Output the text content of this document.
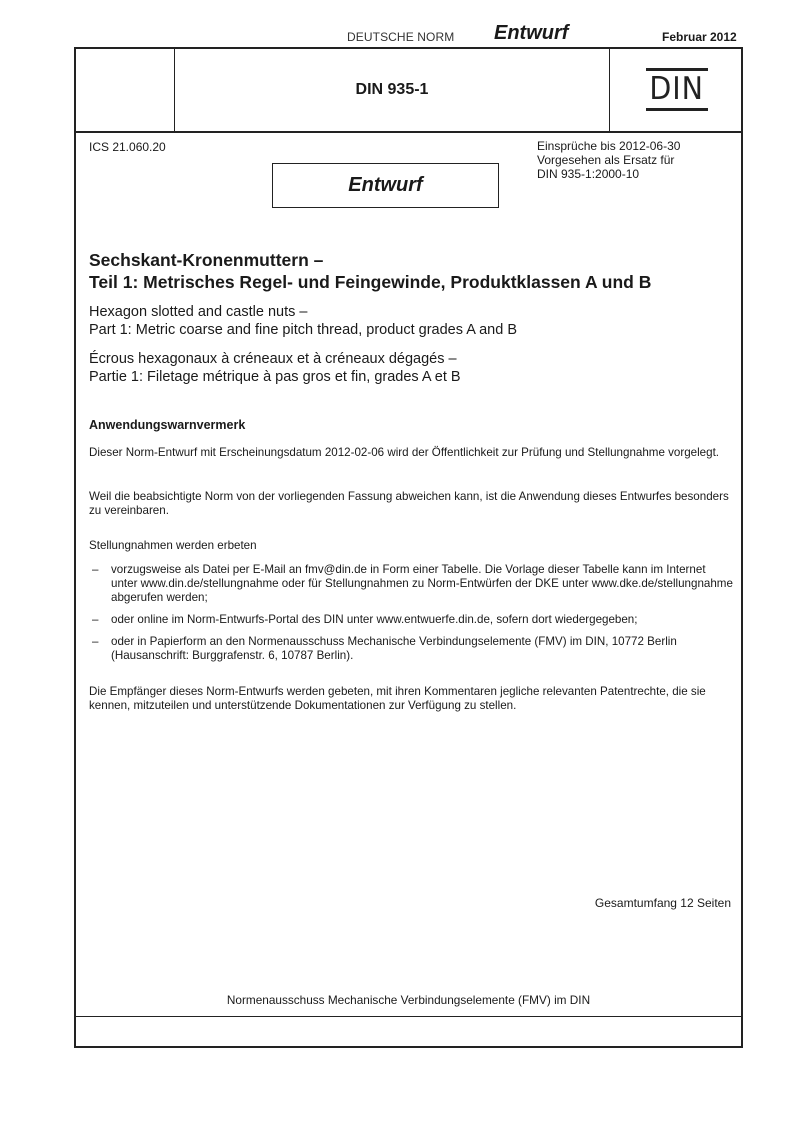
DEUTSCHE NORM Entwurf	Februar 2012
DIN 935-1	DIN
ICS 21.060.20	Einsprüche bis 2012-06-30
Vorgesehen als Ersatz für
DIN 935-1:2000-10
Entwurf
Sechskant-Kronenmuttern –
Teil 1: Metrisches Regel- und Feingewinde, Produktklassen A und B
Hexagon slotted and castle nuts –
Part 1: Metric coarse and fine pitch thread, product grades A and B
Écrous hexagonaux à créneaux et à créneaux dégagés –
Partie 1: Filetage métrique à pas gros et fin, grades A et B
Anwendungswarnvermerk
Dieser Norm-Entwurf mit Erscheinungsdatum 2012-02-06 wird der Öffentlichkeit zur Prüfung und Stellungnahme vorgelegt.
Weil die beabsichtigte Norm von der vorliegenden Fassung abweichen kann, ist die Anwendung dieses Entwurfes besonders zu vereinbaren.
Stellungnahmen werden erbeten
– vorzugsweise als Datei per E-Mail an fmv@din.de in Form einer Tabelle. Die Vorlage dieser Tabelle kann im Internet unter www.din.de/stellungnahme oder für Stellungnahmen zu Norm-Entwürfen der DKE unter www.dke.de/stellungnahme abgerufen werden;
– oder online im Norm-Entwurfs-Portal des DIN unter www.entwuerfe.din.de, sofern dort wiedergegeben;
– oder in Papierform an den Normenausschuss Mechanische Verbindungselemente (FMV) im DIN, 10772 Berlin (Hausanschrift: Burggrafenstr. 6, 10787 Berlin).
Die Empfänger dieses Norm-Entwurfs werden gebeten, mit ihren Kommentaren jegliche relevanten Patentrechte, die sie kennen, mitzuteilen und unterstützende Dokumentationen zur Verfügung zu stellen.
Gesamtumfang 12 Seiten
Normenausschuss Mechanische Verbindungselemente (FMV) im DIN
